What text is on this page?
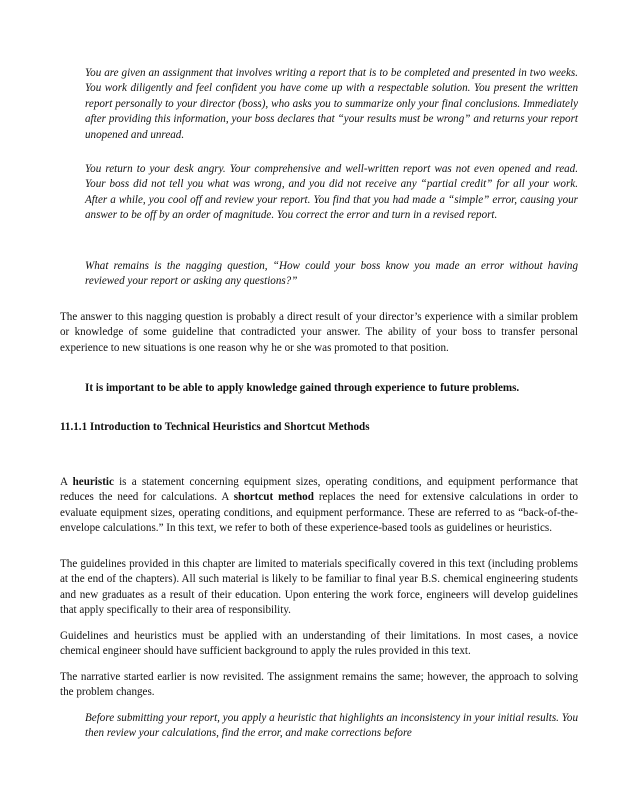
You are given an assignment that involves writing a report that is to be completed and presented in two weeks. You work diligently and feel confident you have come up with a respectable solution. You present the written report personally to your director (boss), who asks you to summarize only your final conclusions. Immediately after providing this information, your boss declares that “your results must be wrong” and returns your report unopened and unread.

You return to your desk angry. Your comprehensive and well-written report was not even opened and read. Your boss did not tell you what was wrong, and you did not receive any “partial credit” for all your work. After a while, you cool off and review your report. You find that you had made a “simple” error, causing your answer to be off by an order of magnitude. You correct the error and turn in a revised report.

What remains is the nagging question, “How could your boss know you made an error without having reviewed your report or asking any questions?”

The answer to this nagging question is probably a direct result of your director’s experience with a similar problem or knowledge of some guideline that contradicted your answer. The ability of your boss to transfer personal experience to new situations is one reason why he or she was promoted to that position.

It is important to be able to apply knowledge gained through experience to future problems.

11.1.1 Introduction to Technical Heuristics and Shortcut Methods

A heuristic is a statement concerning equipment sizes, operating conditions, and equipment performance that reduces the need for calculations. A shortcut method replaces the need for extensive calculations in order to evaluate equipment sizes, operating conditions, and equipment performance. These are referred to as “back-of-the-envelope calculations.” In this text, we refer to both of these experience-based tools as guidelines or heuristics.

The guidelines provided in this chapter are limited to materials specifically covered in this text (including problems at the end of the chapters). All such material is likely to be familiar to final year B.S. chemical engineering students and new graduates as a result of their education. Upon entering the work force, engineers will develop guidelines that apply specifically to their area of responsibility.

Guidelines and heuristics must be applied with an understanding of their limitations. In most cases, a novice chemical engineer should have sufficient background to apply the rules provided in this text.

The narrative started earlier is now revisited. The assignment remains the same; however, the approach to solving the problem changes.

Before submitting your report, you apply a heuristic that highlights an inconsistency in your initial results. You then review your calculations, find the error, and make corrections before
